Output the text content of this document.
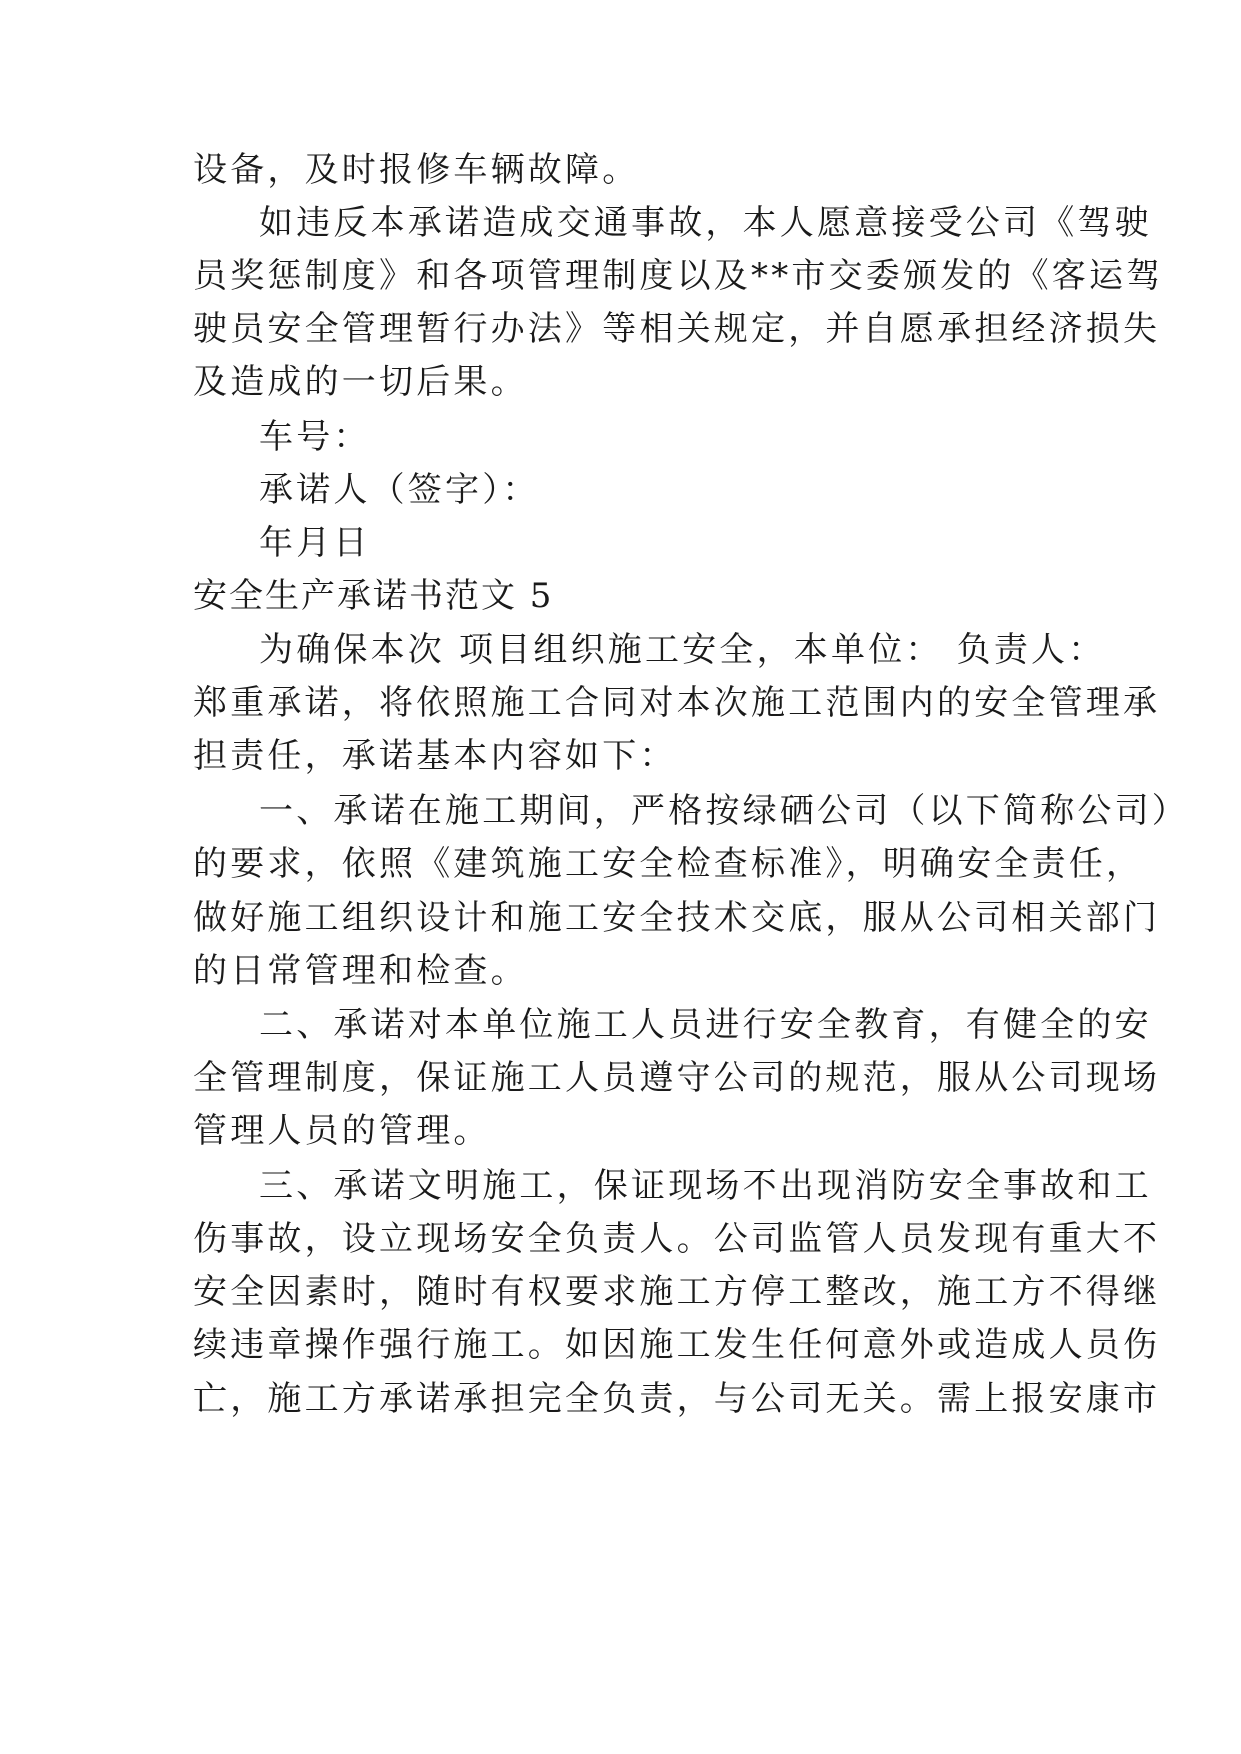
设备，及时报修车辆故障。
如违反本承诺造成交通事故，本人愿意接受公司《驾驶
员奖惩制度》和各项管理制度以及**市交委颁发的《客运驾
驶员安全管理暂行办法》等相关规定，并自愿承担经济损失
及造成的一切后果。
车号：
承诺人（签字）：
年月日
安全生产承诺书范文 5
为确保本次 项目组织施工安全，本单位： 负责人：
郑重承诺，将依照施工合同对本次施工范围内的安全管理承
担责任，承诺基本内容如下：
一、承诺在施工期间，严格按绿硒公司（以下简称公司）
的要求，依照《建筑施工安全检查标准》，明确安全责任，
做好施工组织设计和施工安全技术交底，服从公司相关部门
的日常管理和检查。
二、承诺对本单位施工人员进行安全教育，有健全的安
全管理制度，保证施工人员遵守公司的规范，服从公司现场
管理人员的管理。
三、承诺文明施工，保证现场不出现消防安全事故和工
伤事故，设立现场安全负责人。公司监管人员发现有重大不
安全因素时，随时有权要求施工方停工整改，施工方不得继
续违章操作强行施工。如因施工发生任何意外或造成人员伤
亡，施工方承诺承担完全负责，与公司无关。需上报安康市
